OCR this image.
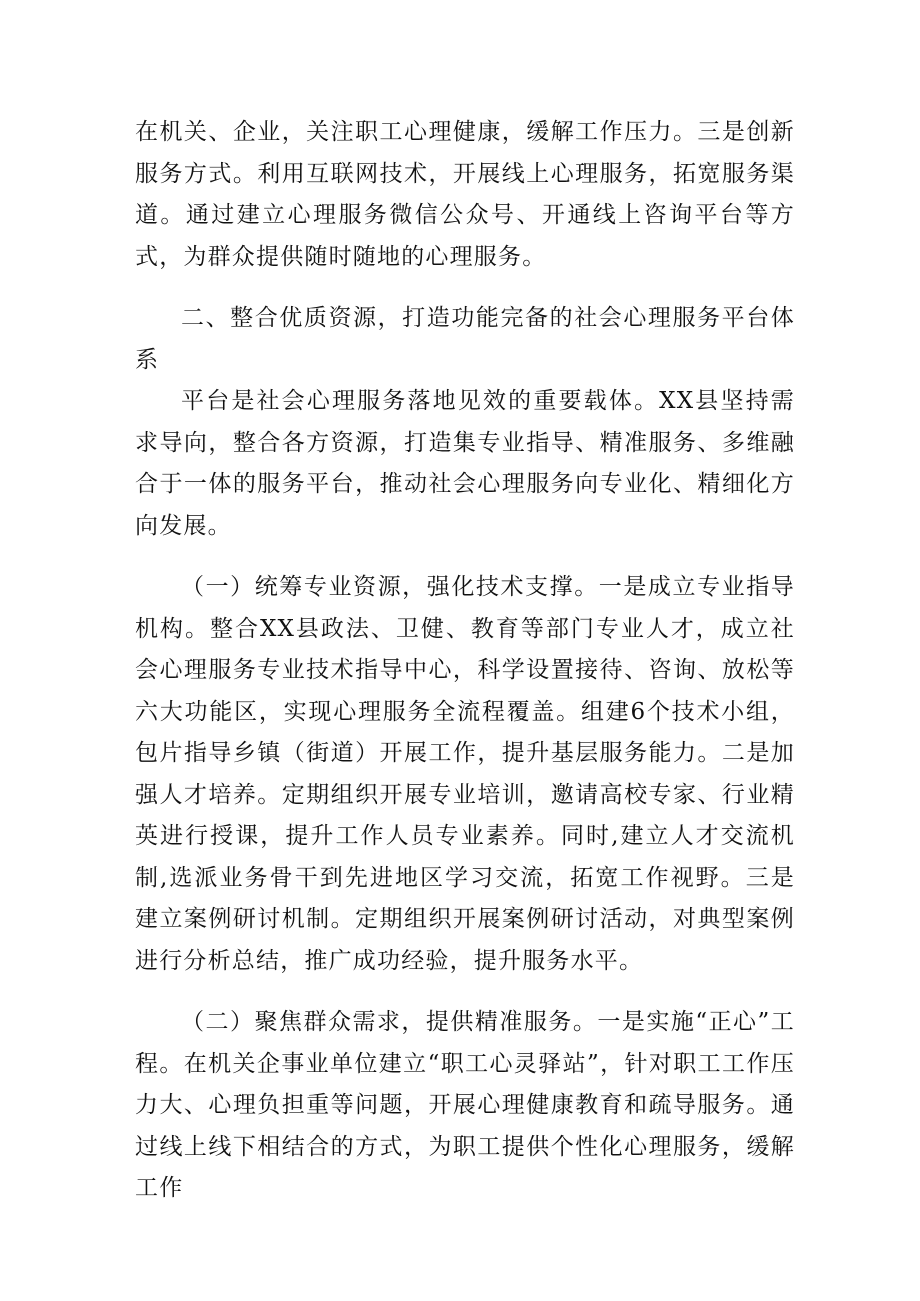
在机关、企业，关注职工心理健康，缓解工作压力。三是创新服务方式。利用互联网技术，开展线上心理服务，拓宽服务渠道。通过建立心理服务微信公众号、开通线上咨询平台等方式，为群众提供随时随地的心理服务。

二、整合优质资源，打造功能完备的社会心理服务平台体系

平台是社会心理服务落地见效的重要载体。XX县坚持需求导向，整合各方资源，打造集专业指导、精准服务、多维融合于一体的服务平台，推动社会心理服务向专业化、精细化方向发展。

（一）统筹专业资源，强化技术支撑。一是成立专业指导机构。整合XX县政法、卫健、教育等部门专业人才，成立社会心理服务专业技术指导中心，科学设置接待、咨询、放松等六大功能区，实现心理服务全流程覆盖。组建6个技术小组，包片指导乡镇（街道）开展工作，提升基层服务能力。二是加强人才培养。定期组织开展专业培训，邀请高校专家、行业精英进行授课，提升工作人员专业素养。同时,建立人才交流机制,选派业务骨干到先进地区学习交流，拓宽工作视野。三是建立案例研讨机制。定期组织开展案例研讨活动，对典型案例进行分析总结，推广成功经验，提升服务水平。

（二）聚焦群众需求，提供精准服务。一是实施“正心”工程。在机关企事业单位建立“职工心灵驿站”，针对职工工作压力大、心理负担重等问题，开展心理健康教育和疏导服务。通过线上线下相结合的方式，为职工提供个性化心理服务，缓解工作
